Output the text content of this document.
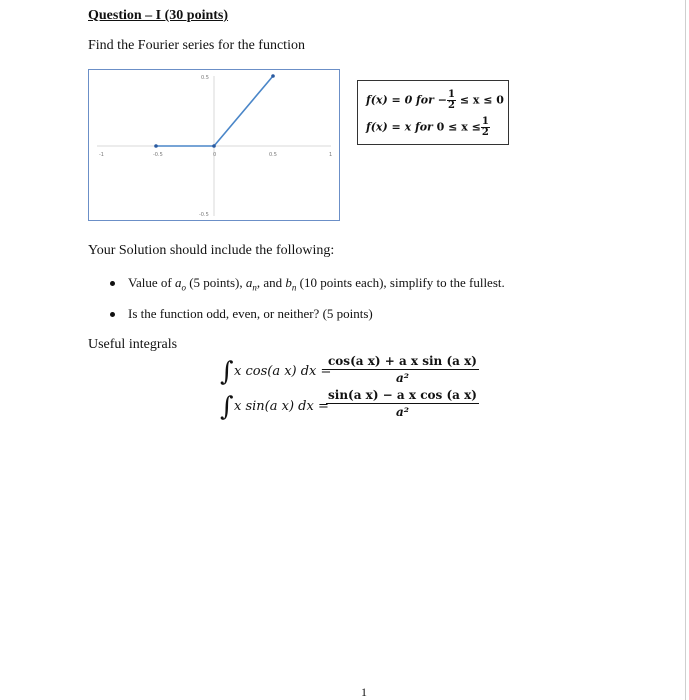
Question – I (30 points)
Find the Fourier series for the function
-1	-0.5	0	0.5	1
0.5
-0.5
f(x) = 0 for − $\frac{1}{2} \le x \le 0$
f(x) = x for $0 \le x \le \frac{1}{2}$
Your Solution should include the following:
Value of $a_o$ (5 points), $a_n$, and $b_n$ (10 points each), simplify to the fullest.
Is the function odd, even, or neither? (5 points)
Useful integrals
∫ x cos(a x) dx =
$\frac{\text{cos(a x) + a x sin (a x)}}{\text{a²}}$
∫ x sin(a x) dx =
$\frac{\text{sin(a x) − a x cos (a x)}}{\text{a²}}$
1
